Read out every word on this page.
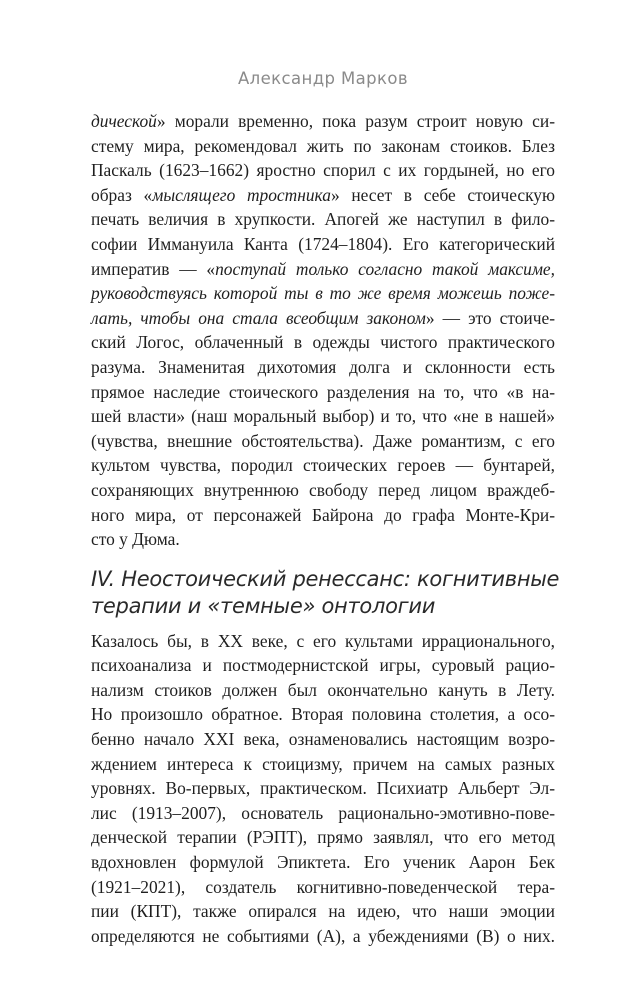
Александр Марков
дической» морали временно, пока разум строит новую си-
стему мира, рекомендовал жить по законам стоиков. Блез
Паскаль (1623–1662) яростно спорил с их гордыней, но его
образ «мыслящего тростника» несет в себе стоическую
печать величия в хрупкости. Апогей же наступил в фило-
софии Иммануила Канта (1724–1804). Его категорический
императив — «поступай только согласно такой максиме,
руководствуясь которой ты в то же время можешь поже-
лать, чтобы она стала всеобщим законом» — это стоиче-
ский Логос, облаченный в одежды чистого практического
разума. Знаменитая дихотомия долга и склонности есть
прямое наследие стоического разделения на то, что «в на-
шей власти» (наш моральный выбор) и то, что «не в нашей»
(чувства, внешние обстоятельства). Даже романтизм, с его
культом чувства, породил стоических героев — бунтарей,
сохраняющих внутреннюю свободу перед лицом враждеб-
ного мира, от персонажей Байрона до графа Монте-Кри-
сто у Дюма.
IV. Неостоический ренессанс: когнитивные
терапии и «темные» онтологии
Казалось бы, в XX веке, с его культами иррационального,
психоанализа и постмодернистской игры, суровый рацио-
нализм стоиков должен был окончательно кануть в Лету.
Но произошло обратное. Вторая половина столетия, а осо-
бенно начало XXI века, ознаменовались настоящим возро-
ждением интереса к стоицизму, причем на самых разных
уровнях. Во-первых, практическом. Психиатр Альберт Эл-
лис (1913–2007), основатель рационально-эмотивно-пове-
денческой терапии (РЭПТ), прямо заявлял, что его метод
вдохновлен формулой Эпиктета. Его ученик Аарон Бек
(1921–2021), создатель когнитивно-поведенческой тера-
пии (КПТ), также опирался на идею, что наши эмоции
определяются не событиями (А), а убеждениями (В) о них.
